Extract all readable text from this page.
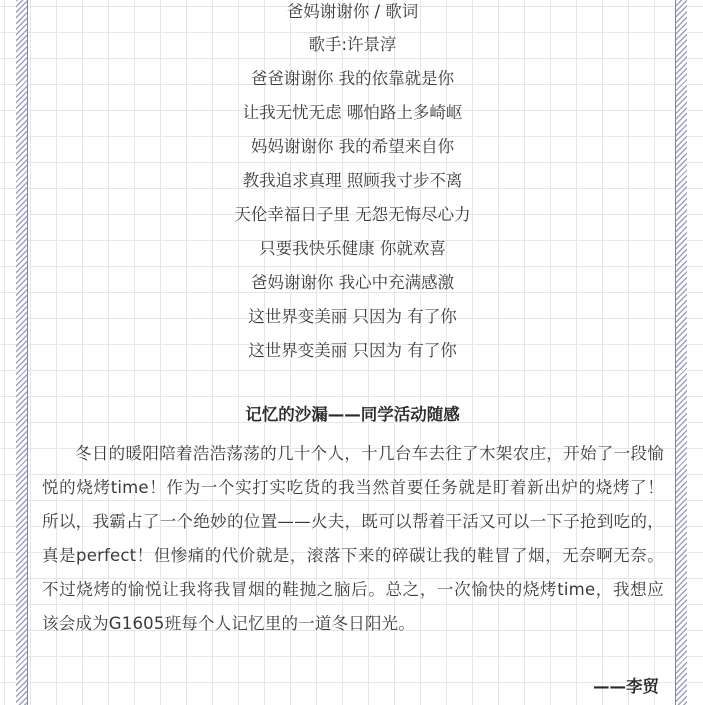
爸妈谢谢你 / 歌词
歌手:许景淳
爸爸谢谢你 我的依靠就是你
让我无忧无虑 哪怕路上多崎岖
妈妈谢谢你 我的希望来自你
教我追求真理 照顾我寸步不离
天伦幸福日子里 无怨无悔尽心力
只要我快乐健康 你就欢喜
爸妈谢谢你 我心中充满感激
这世界变美丽 只因为 有了你
这世界变美丽 只因为 有了你
记忆的沙漏——同学活动随感

冬日的暖阳陪着浩浩荡荡的几十个人，十几台车去往了木架农庄，开始了一段愉悦的烧烤time！作为一个实打实吃货的我当然首要任务就是盯着新出炉的烧烤了！所以，我霸占了一个绝妙的位置——火夫，既可以帮着干活又可以一下子抢到吃的，真是perfect！但惨痛的代价就是，滚落下来的碎碳让我的鞋冒了烟，无奈啊无奈。不过烧烤的愉悦让我将我冒烟的鞋抛之脑后。总之，一次愉快的烧烤time，我想应该会成为G1605班每个人记忆里的一道冬日阳光。

——李贸
